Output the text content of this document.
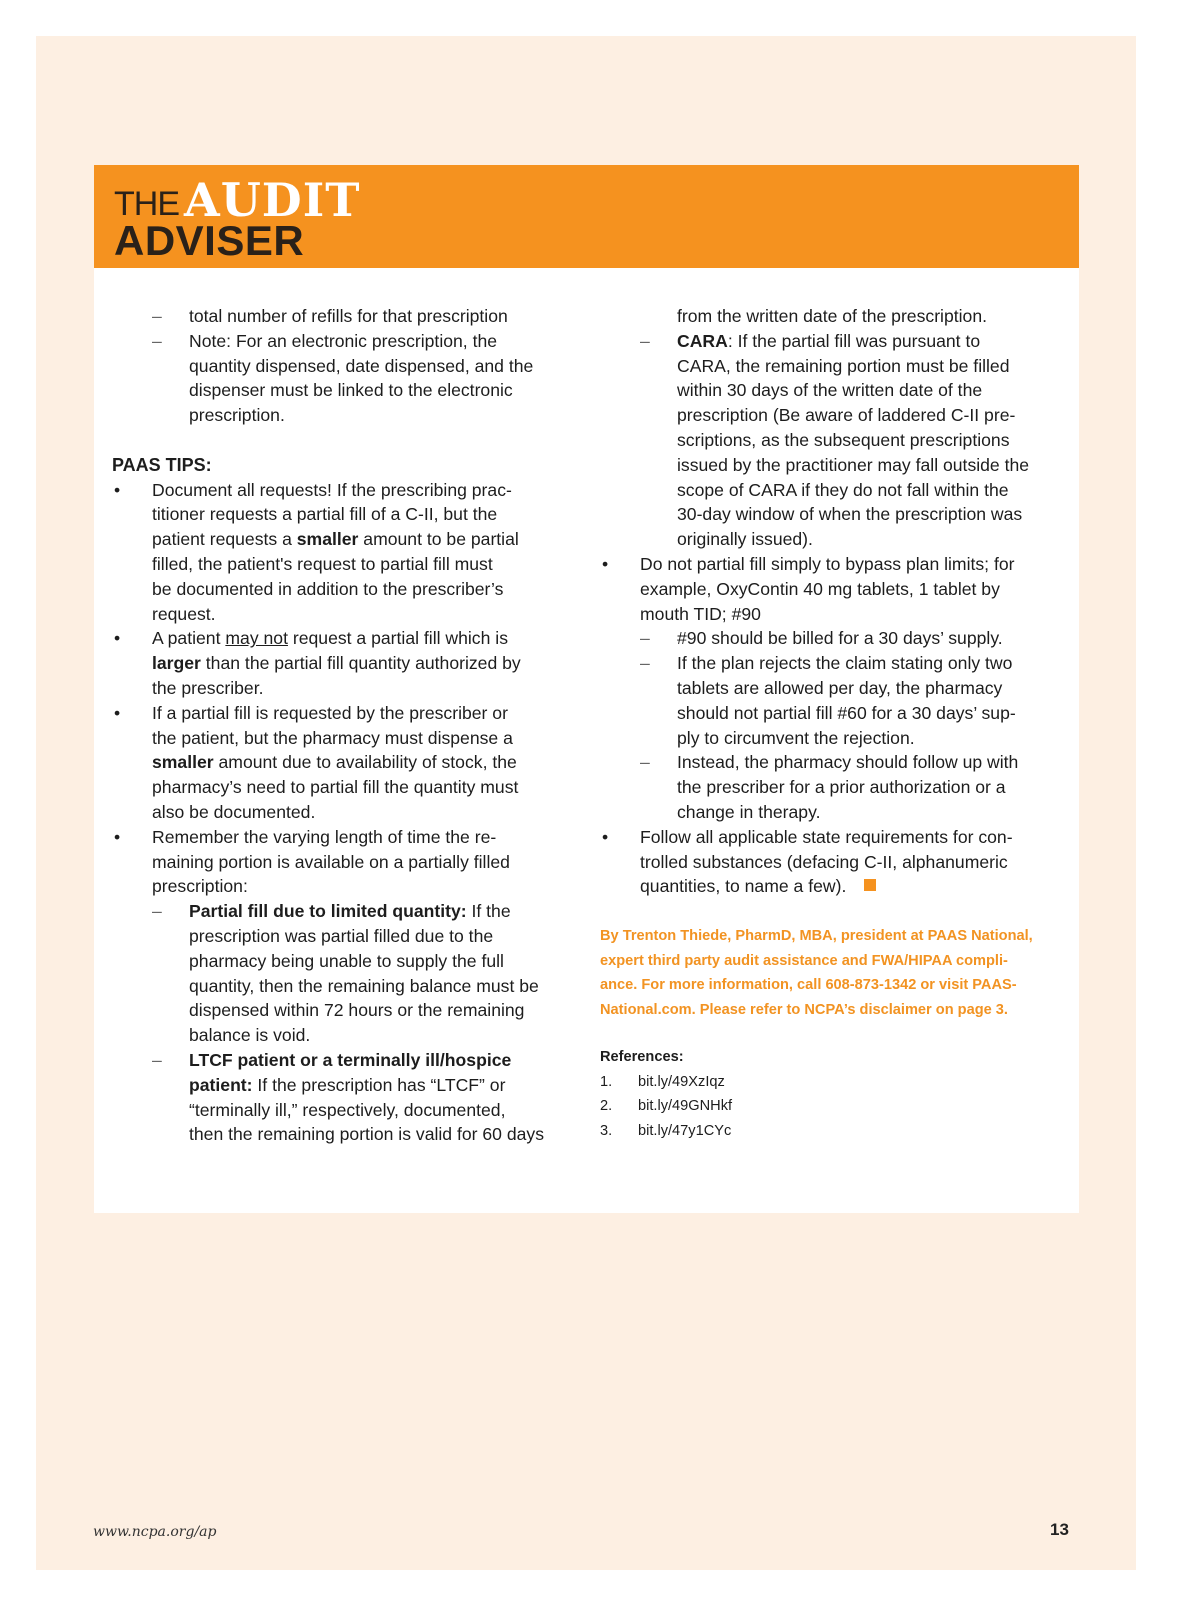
THE AUDIT
ADVISER
– total number of refills for that prescription
– Note: For an electronic prescription, the
quantity dispensed, date dispensed, and the
dispenser must be linked to the electronic
prescription.
PAAS TIPS:
• Document all requests! If the prescribing prac-
titioner requests a partial fill of a C-II, but the
patient requests a smaller amount to be partial
filled, the patient's request to partial fill must
be documented in addition to the prescriber’s
request.
• A patient may not request a partial fill which is
larger than the partial fill quantity authorized by
the prescriber.
• If a partial fill is requested by the prescriber or
the patient, but the pharmacy must dispense a
smaller amount due to availability of stock, the
pharmacy’s need to partial fill the quantity must
also be documented.
• Remember the varying length of time the re-
maining portion is available on a partially filled
prescription:
– Partial fill due to limited quantity: If the
prescription was partial filled due to the
pharmacy being unable to supply the full
quantity, then the remaining balance must be
dispensed within 72 hours or the remaining
balance is void.
– LTCF patient or a terminally ill/hospice
patient: If the prescription has “LTCF” or
“terminally ill,” respectively, documented,
then the remaining portion is valid for 60 days
from the written date of the prescription.
– CARA: If the partial fill was pursuant to
CARA, the remaining portion must be filled
within 30 days of the written date of the
prescription (Be aware of laddered C-II pre-
scriptions, as the subsequent prescriptions
issued by the practitioner may fall outside the
scope of CARA if they do not fall within the
30-day window of when the prescription was
originally issued).
• Do not partial fill simply to bypass plan limits; for
example, OxyContin 40 mg tablets, 1 tablet by
mouth TID; #90
– #90 should be billed for a 30 days’ supply.
– If the plan rejects the claim stating only two
tablets are allowed per day, the pharmacy
should not partial fill #60 for a 30 days’ sup-
ply to circumvent the rejection.
– Instead, the pharmacy should follow up with
the prescriber for a prior authorization or a
change in therapy.
• Follow all applicable state requirements for con-
trolled substances (defacing C-II, alphanumeric
quantities, to name a few).
By Trenton Thiede, PharmD, MBA, president at PAAS National,
expert third party audit assistance and FWA/HIPAA compli-
ance. For more information, call 608-873-1342 or visit PAAS-
National.com. Please refer to NCPA’s disclaimer on page 3.
References:
1. bit.ly/49XzIqz
2. bit.ly/49GNHkf
3. bit.ly/47y1CYc
www.ncpa.org/ap	13
